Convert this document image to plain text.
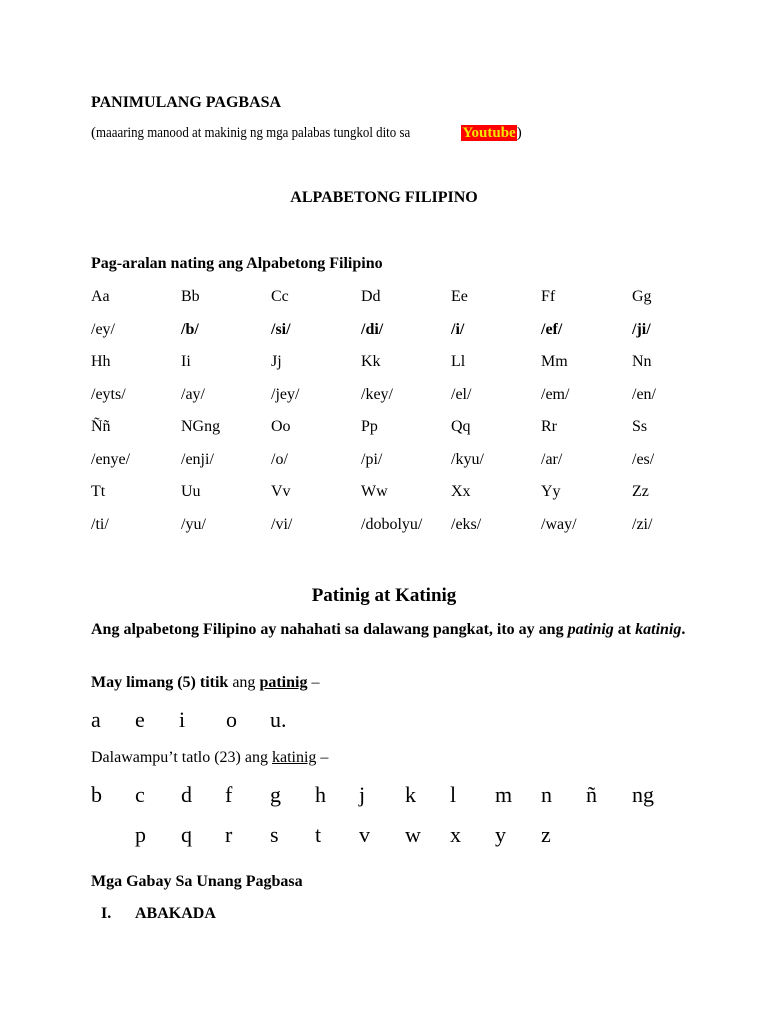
PANIMULANG PAGBASA
(maaaring manood at makinig ng mga palabas tungkol dito sa	Youtube)
ALPABETONG FILIPINO
Pag-aralan nating ang Alpabetong Filipino
Aa	Bb	Cc	Dd	Ee	Ff	Gg
/ey/	/b/	/si/	/di/	/i/	/ef/	/ji/
Hh	Ii	Jj	Kk	Ll	Mm	Nn
/eyts/	/ay/	/jey/	/key/	/el/	/em/	/en/
Ññ	NGng	Oo	Pp	Qq	Rr	Ss
/enye/	/enji/	/o/	/pi/	/kyu/	/ar/	/es/
Tt	Uu	Vv	Ww	Xx	Yy	Zz
/ti/	/yu/	/vi/	/dobolyu/ /eks/	/way/	/zi/
Patinig at Katinig
Ang alpabetong Filipino ay nahahati sa dalawang pangkat, ito ay ang patinig at katinig.
May limang (5) titik ang patinig –
a e i o u.
Dalawampu’t tatlo (23) ang katinig –
b c d f g h j k l m n ñ ng
p q r s t v w x y z
Mga Gabay Sa Unang Pagbasa
I. ABAKADA
